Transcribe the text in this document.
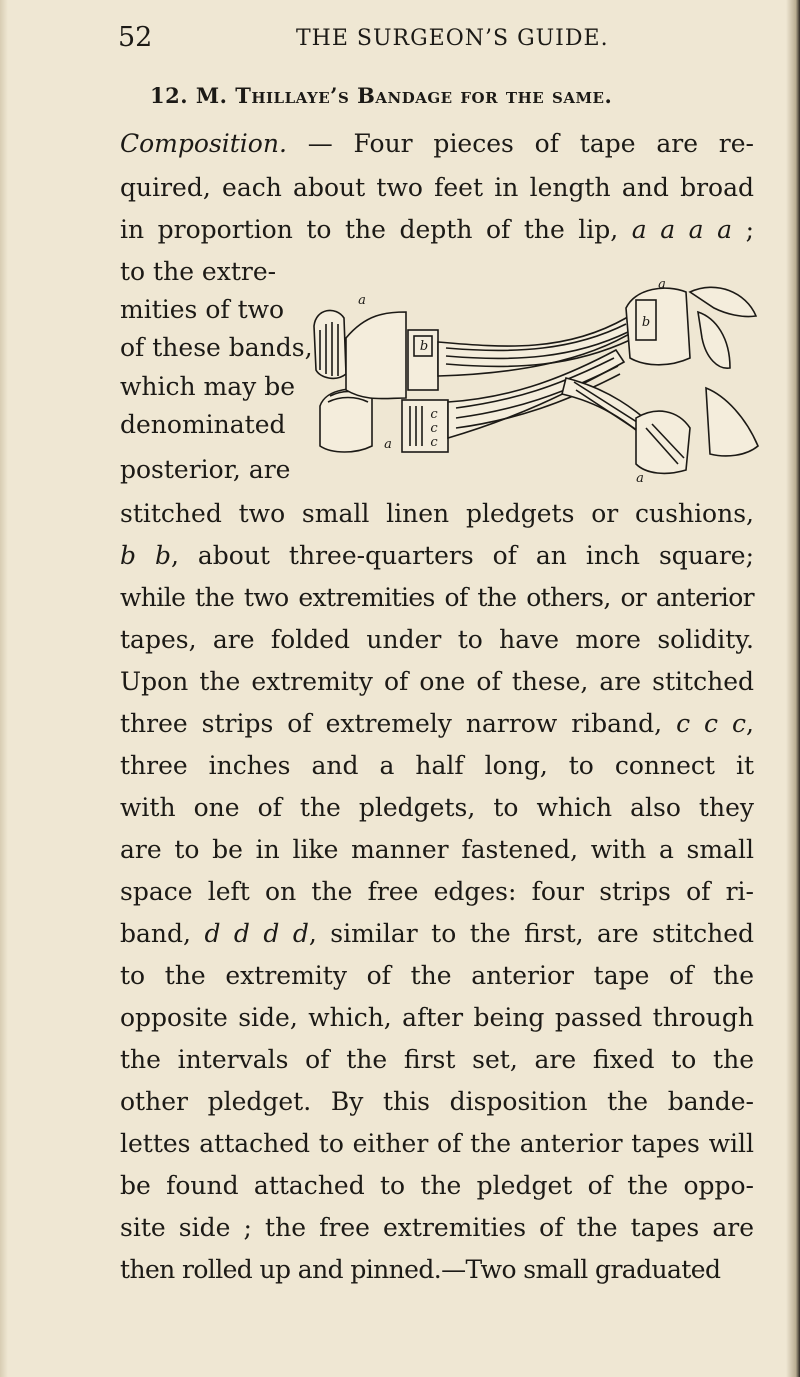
52	THE SURGEON’S GUIDE.
12. M. Thillaye’s Bandage for the same.
Composition. — Four pieces of tape are re-
quired, each about two feet in length and broad
in proportion to the depth of the lip, a a a a ;
to the extre-
mities of two
of these bands,
which may be
denominated
posterior, are
stitched two small linen pledgets or cushions,
b b, about three-quarters of an inch square;
while the two extremities of the others, or anterior
tapes, are folded under to have more solidity.
Upon the extremity of one of these, are stitched
three strips of extremely narrow riband, c c c,
three inches and a half long, to connect it
with one of the pledgets, to which also they
are to be in like manner fastened, with a small
space left on the free edges: four strips of ri-
band, d d d d, similar to the first, are stitched
to the extremity of the anterior tape of the
opposite side, which, after being passed through
the intervals of the first set, are fixed to the
other pledget. By this disposition the bande-
lettes attached to either of the anterior tapes will
be found attached to the pledget of the oppo-
site side ; the free extremities of the tapes are
then rolled up and pinned.—Two small graduated
a
a
a
a
b
b
c
c
c
